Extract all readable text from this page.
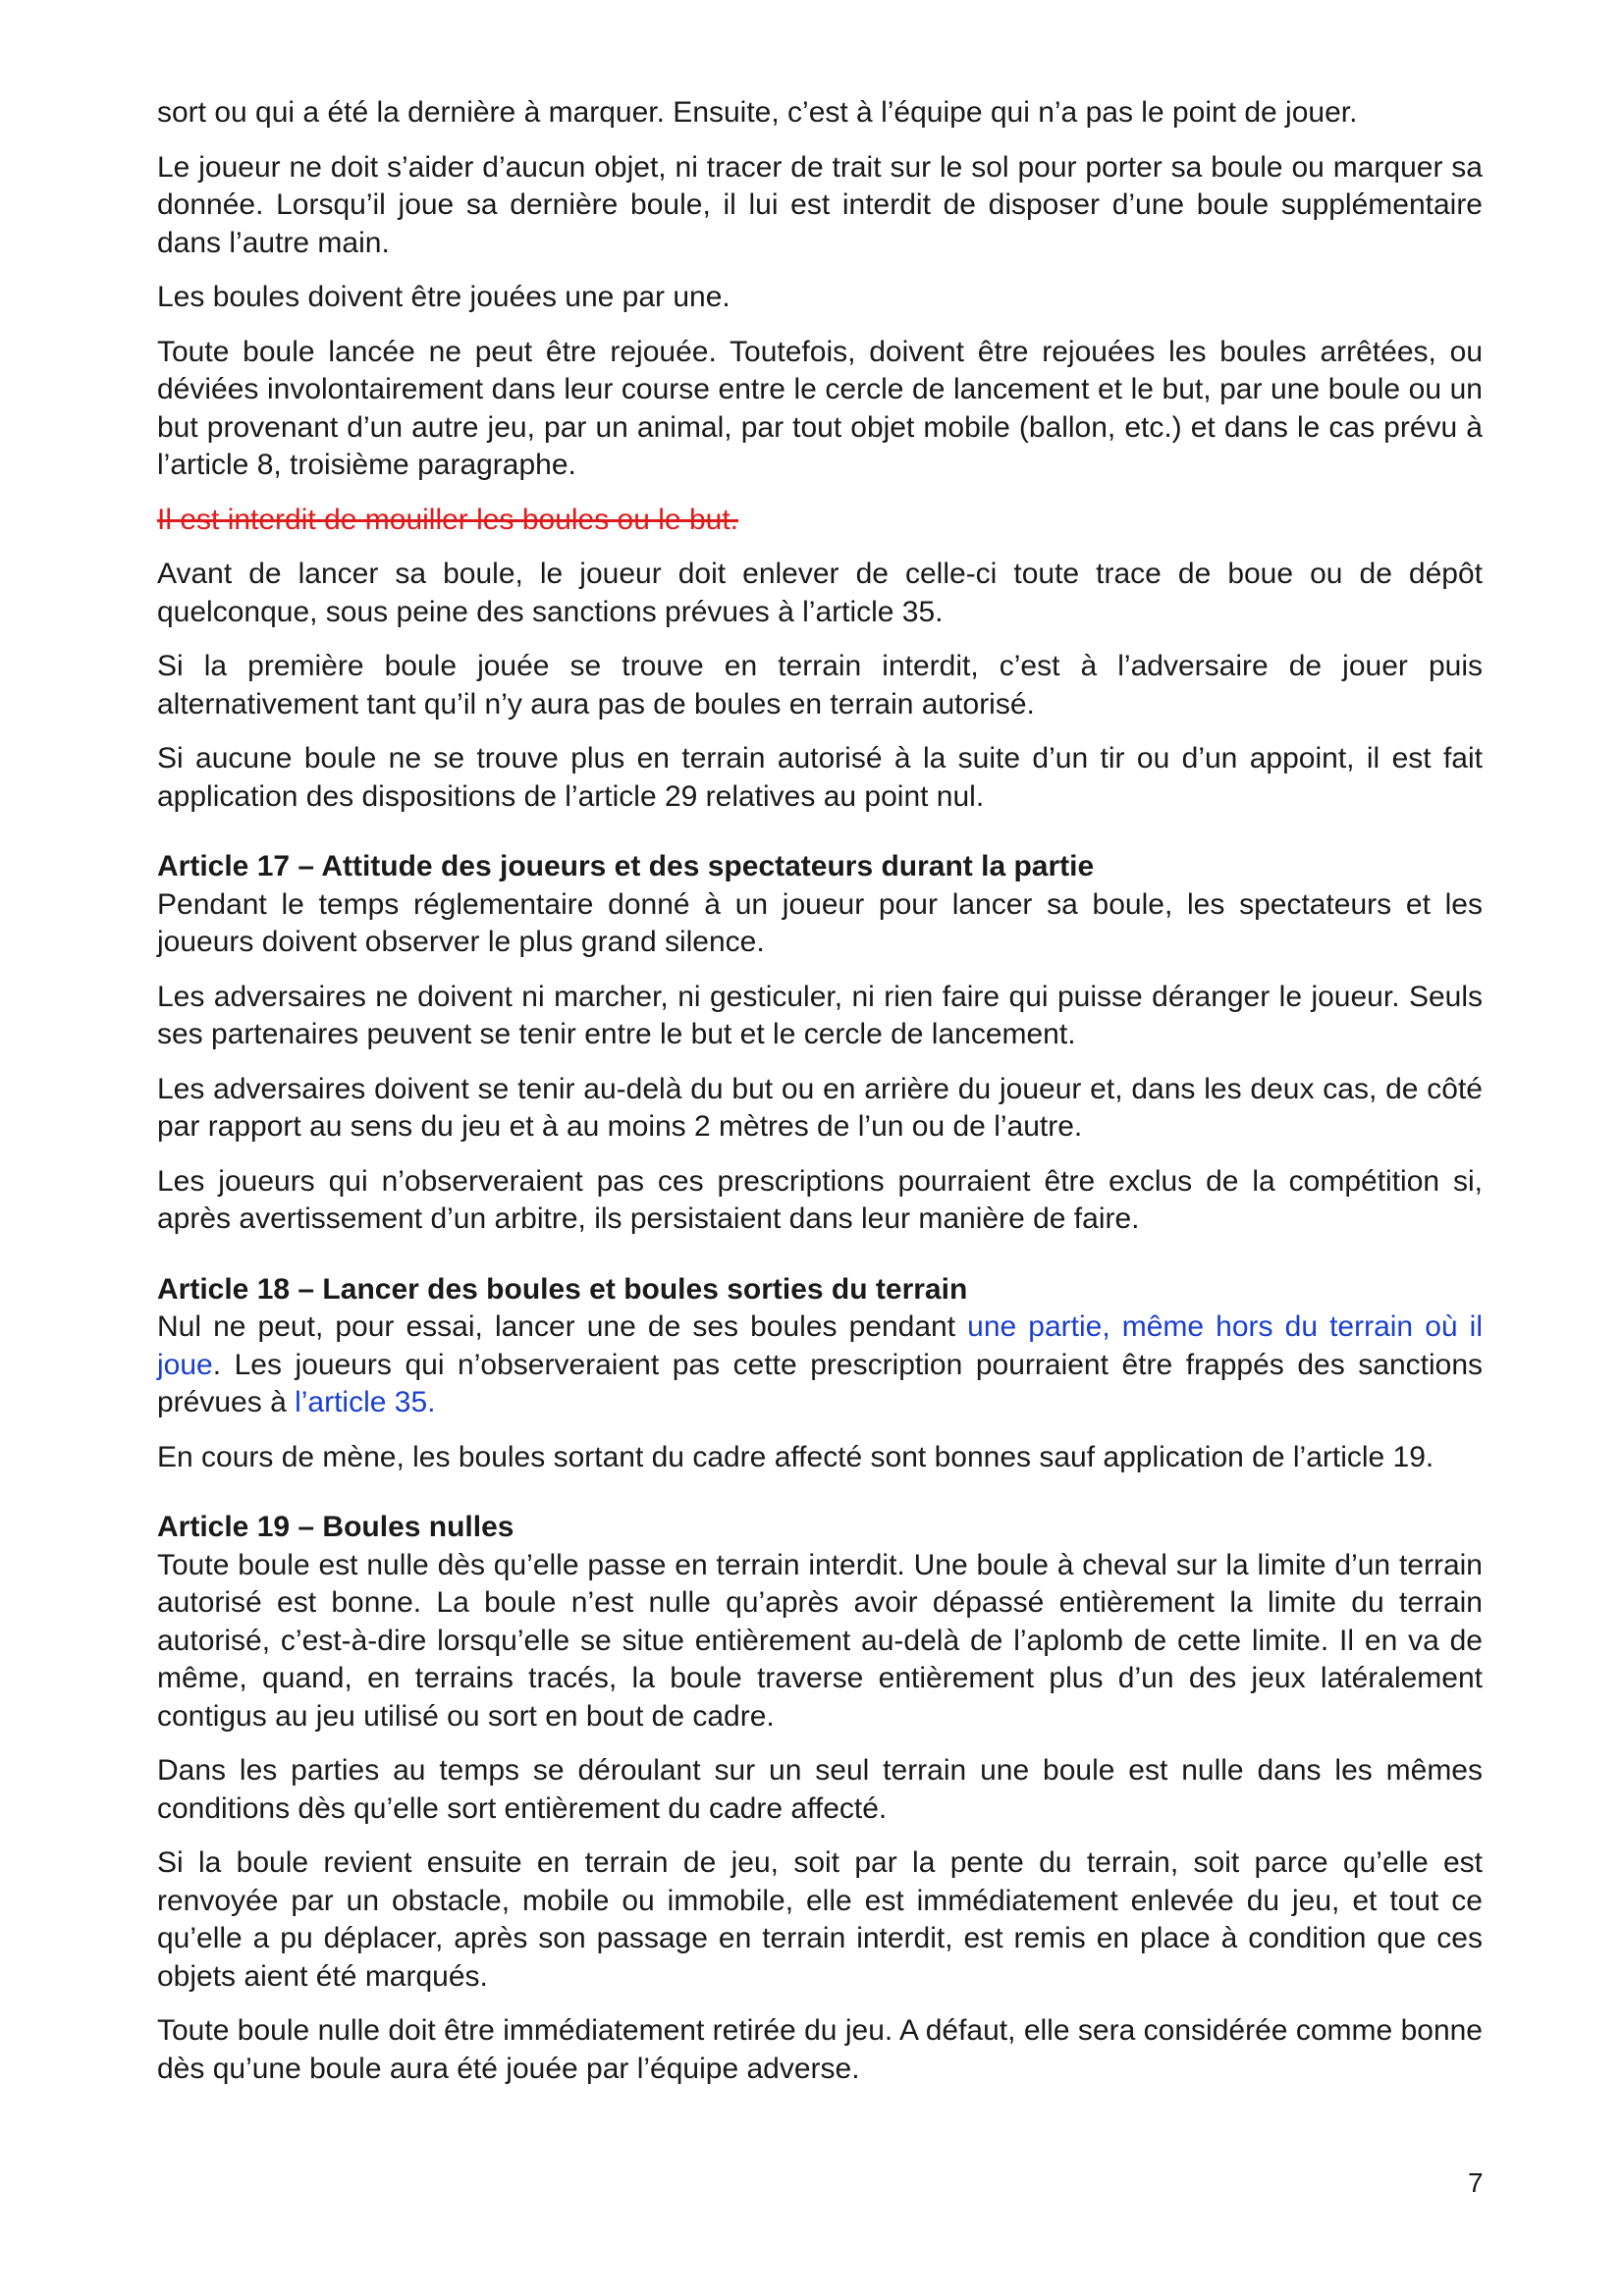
sort ou qui a été la dernière à marquer. Ensuite, c’est à l’équipe qui n’a pas le point de jouer.

Le joueur ne doit s’aider d’aucun objet, ni tracer de trait sur le sol pour porter sa boule ou marquer sa donnée. Lorsqu’il joue sa dernière boule, il lui est interdit de disposer d’une boule supplémentaire dans l’autre main.

Les boules doivent être jouées une par une.

Toute boule lancée ne peut être rejouée. Toutefois, doivent être rejouées les boules arrêtées, ou déviées involontairement dans leur course entre le cercle de lancement et le but, par une boule ou un but provenant d’un autre jeu, par un animal, par tout objet mobile (ballon, etc.) et dans le cas prévu à l’article 8, troisième paragraphe.

Il est interdit de mouiller les boules ou le but.

Avant de lancer sa boule, le joueur doit enlever de celle-ci toute trace de boue ou de dépôt quelconque, sous peine des sanctions prévues à l’article 35.

Si la première boule jouée se trouve en terrain interdit, c’est à l’adversaire de jouer puis alternativement tant qu’il n’y aura pas de boules en terrain autorisé.

Si aucune boule ne se trouve plus en terrain autorisé à la suite d’un tir ou d’un appoint, il est fait application des dispositions de l’article 29 relatives au point nul.

Article 17 – Attitude des joueurs et des spectateurs durant la partie

Pendant le temps réglementaire donné à un joueur pour lancer sa boule, les spectateurs et les joueurs doivent observer le plus grand silence.

Les adversaires ne doivent ni marcher, ni gesticuler, ni rien faire qui puisse déranger le joueur. Seuls ses partenaires peuvent se tenir entre le but et le cercle de lancement.

Les adversaires doivent se tenir au-delà du but ou en arrière du joueur et, dans les deux cas, de côté par rapport au sens du jeu et à au moins 2 mètres de l’un ou de l’autre.

Les joueurs qui n’observeraient pas ces prescriptions pourraient être exclus de la compétition si, après avertissement d’un arbitre, ils persistaient dans leur manière de faire.

Article 18 – Lancer des boules et boules sorties du terrain

Nul ne peut, pour essai, lancer une de ses boules pendant une partie, même hors du terrain où il joue. Les joueurs qui n’observeraient pas cette prescription pourraient être frappés des sanctions prévues à l’article 35.

En cours de mène, les boules sortant du cadre affecté sont bonnes sauf application de l’article 19.

Article 19 – Boules nulles

Toute boule est nulle dès qu’elle passe en terrain interdit. Une boule à cheval sur la limite d’un terrain autorisé est bonne. La boule n’est nulle qu’après avoir dépassé entièrement la limite du terrain autorisé, c’est-à-dire lorsqu’elle se situe entièrement au-delà de l’aplomb de cette limite. Il en va de même, quand, en terrains tracés, la boule traverse entièrement plus d’un des jeux latéralement contigus au jeu utilisé ou sort en bout de cadre.

Dans les parties au temps se déroulant sur un seul terrain une boule est nulle dans les mêmes conditions dès qu’elle sort entièrement du cadre affecté.

Si la boule revient ensuite en terrain de jeu, soit par la pente du terrain, soit parce qu’elle est renvoyée par un obstacle, mobile ou immobile, elle est immédiatement enlevée du jeu, et tout ce qu’elle a pu déplacer, après son passage en terrain interdit, est remis en place à condition que ces objets aient été marqués.

Toute boule nulle doit être immédiatement retirée du jeu. A défaut, elle sera considérée comme bonne dès qu’une boule aura été jouée par l’équipe adverse.

7
